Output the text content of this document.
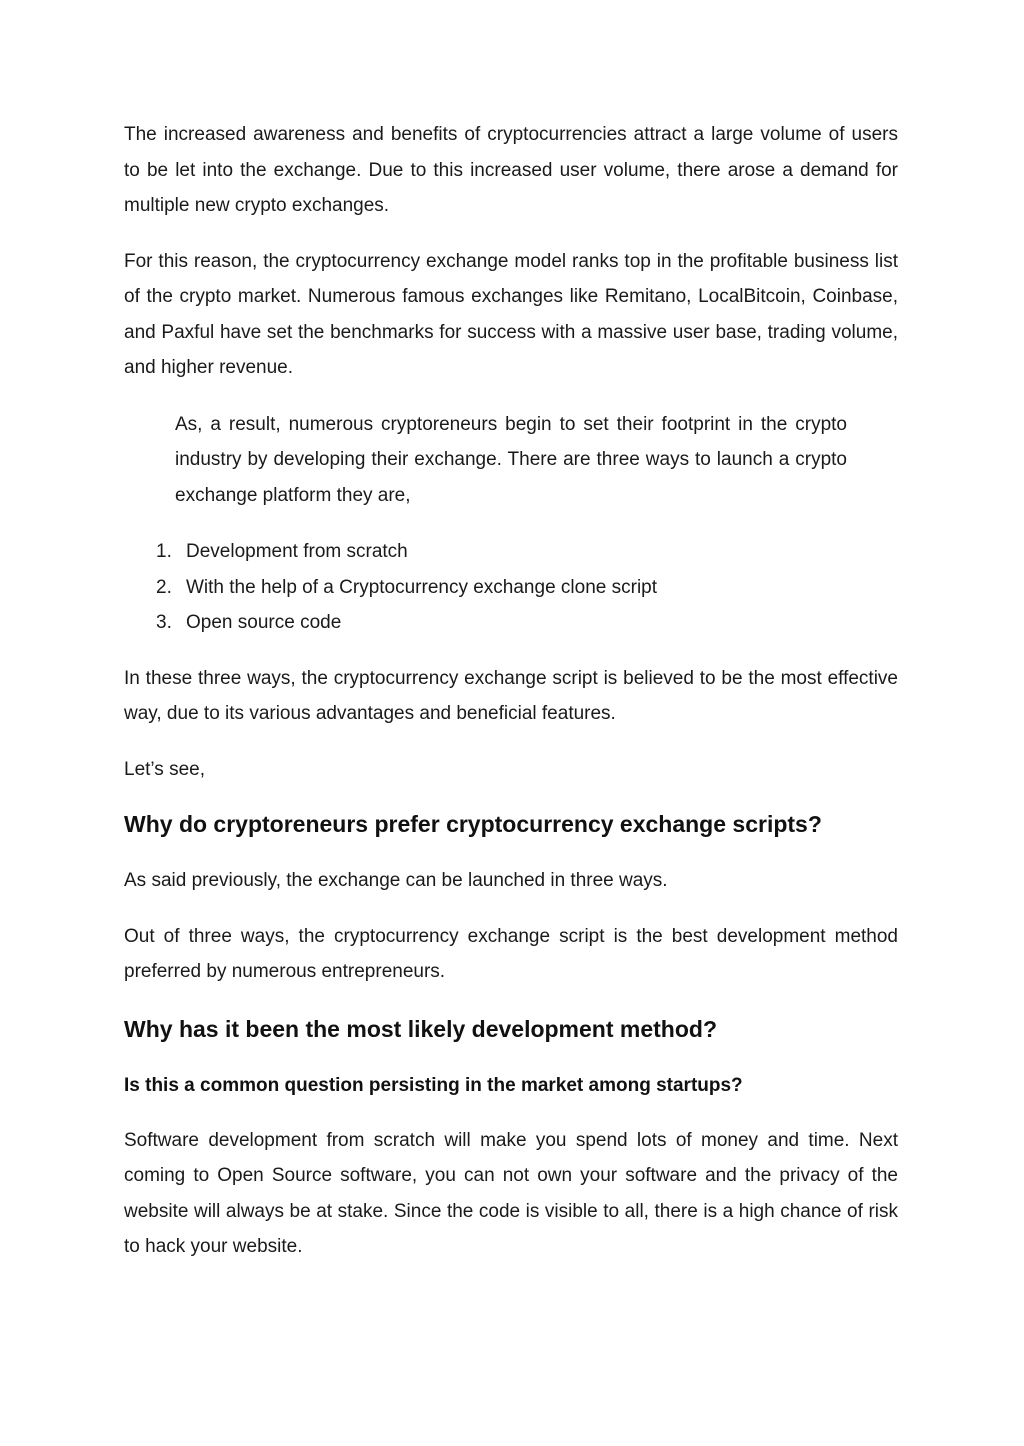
The increased awareness and benefits of cryptocurrencies attract a large volume of users to be let into the exchange. Due to this increased user volume, there arose a demand for multiple new crypto exchanges.

For this reason, the cryptocurrency exchange model ranks top in the profitable business list of the crypto market. Numerous famous exchanges like Remitano, LocalBitcoin, Coinbase, and Paxful have set the benchmarks for success with a massive user base, trading volume, and higher revenue.

As, a result, numerous cryptoreneurs begin to set their footprint in the crypto industry by developing their exchange. There are three ways to launch a crypto exchange platform they are,

1. Development from scratch
2. With the help of a Cryptocurrency exchange clone script
3. Open source code

In these three ways, the cryptocurrency exchange script is believed to be the most effective way, due to its various advantages and beneficial features.

Let’s see,

Why do cryptoreneurs prefer cryptocurrency exchange scripts?

As said previously, the exchange can be launched in three ways.

Out of three ways, the cryptocurrency exchange script is the best development method preferred by numerous entrepreneurs.

Why has it been the most likely development method?
Is this a common question persisting in the market among startups?

Software development from scratch will make you spend lots of money and time. Next coming to Open Source software, you can not own your software and the privacy of the website will always be at stake. Since the code is visible to all, there is a high chance of risk to hack your website.
